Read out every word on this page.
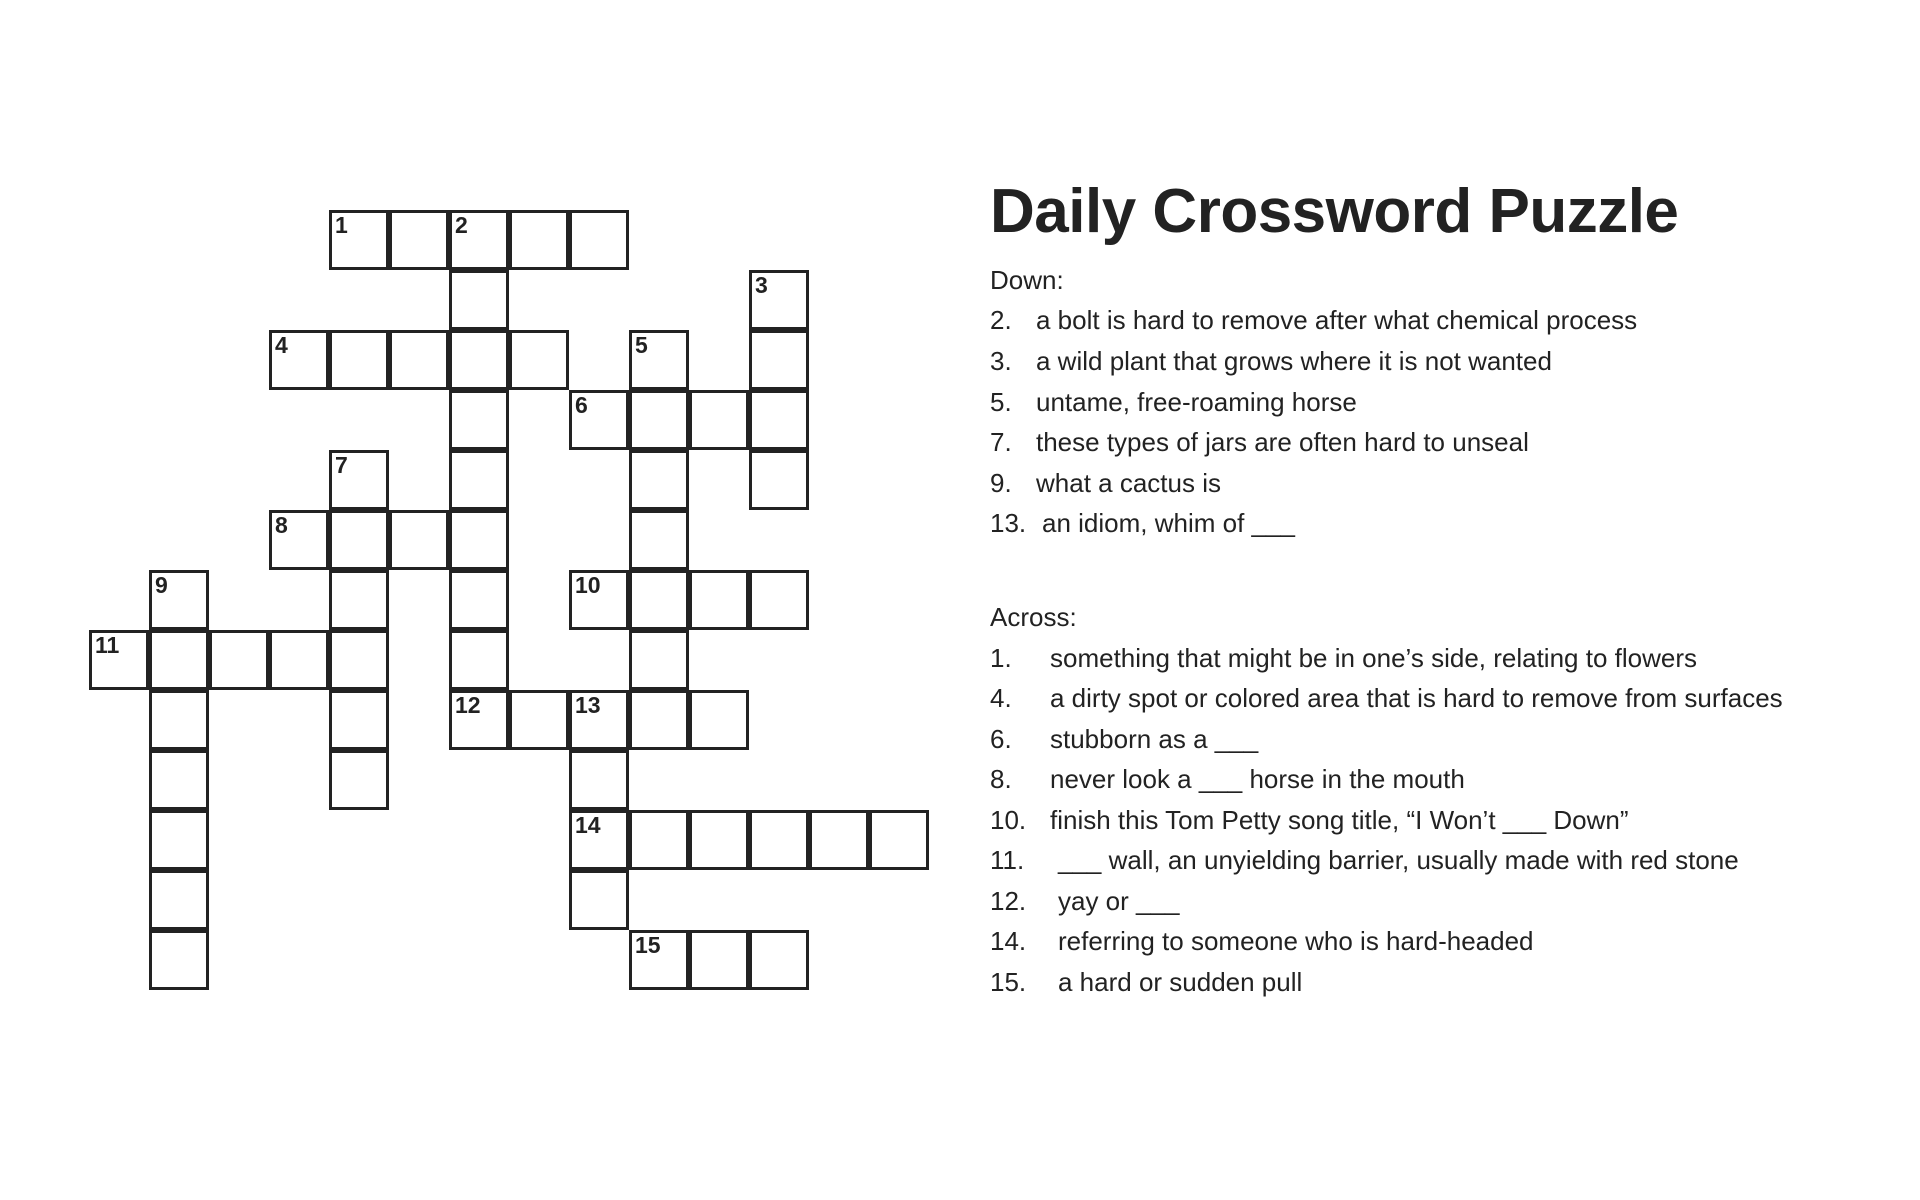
1	2
3
4	5
6
7
8
9	10
11
12	13
14
15
Daily Crossword Puzzle
Down:
2. a bolt is hard to remove after what chemical process
3. a wild plant that grows where it is not wanted
5. untame, free-roaming horse
7. these types of jars are often hard to unseal
9. what a cactus is
13. an idiom, whim of ___
Across:
1. something that might be in one’s side, relating to flowers
4. a dirty spot or colored area that is hard to remove from surfaces
6. stubborn as a ___
8. never look a ___ horse in the mouth
10. finish this Tom Petty song title, “I Won’t ___ Down”
11. ___ wall, an unyielding barrier, usually made with red stone
12. yay or ___
14. referring to someone who is hard-headed
15. a hard or sudden pull
